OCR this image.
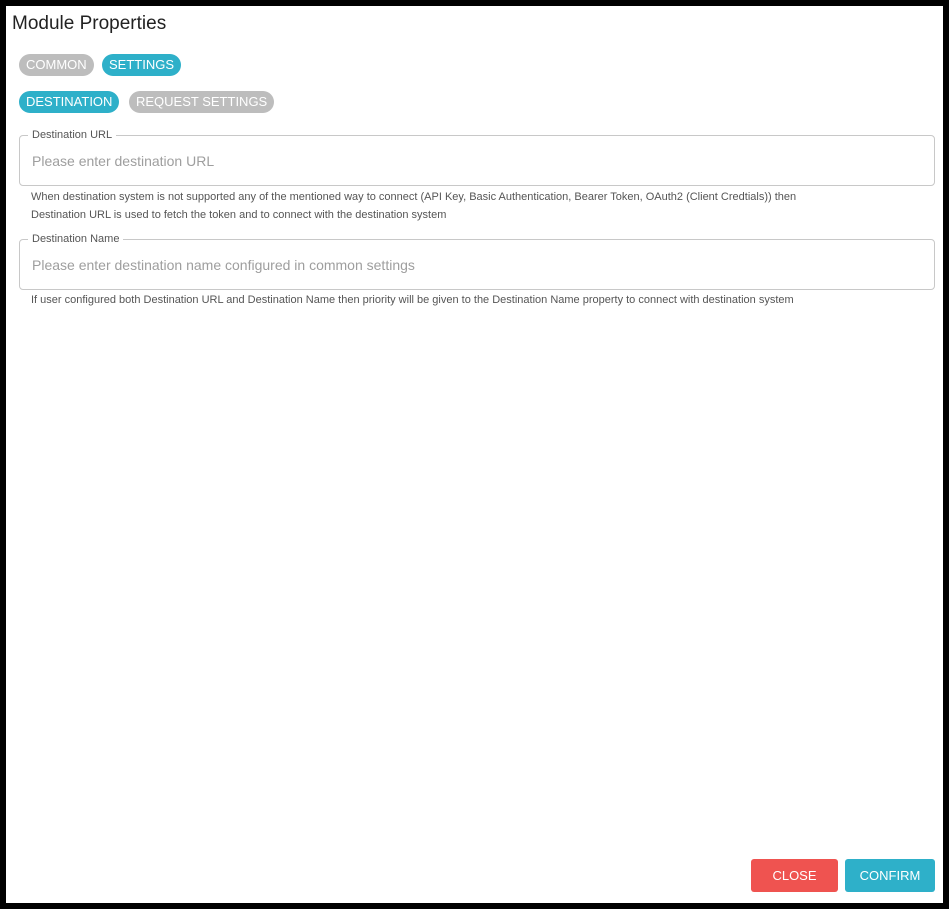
Module Properties
COMMON	SETTINGS
DESTINATION	REQUEST SETTINGS
Destination URL
Please enter destination URL

When destination system is not supported any of the mentioned way to connect (API Key, Basic Authentication, Bearer Token, OAuth2 (Client Credtials)) then
Destination URL is used to fetch the token and to connect with the destination system

Destination Name
Please enter destination name configured in common settings

If user configured both Destination URL and Destination Name then priority will be given to the Destination Name property to connect with destination system

CLOSE	CONFIRM
